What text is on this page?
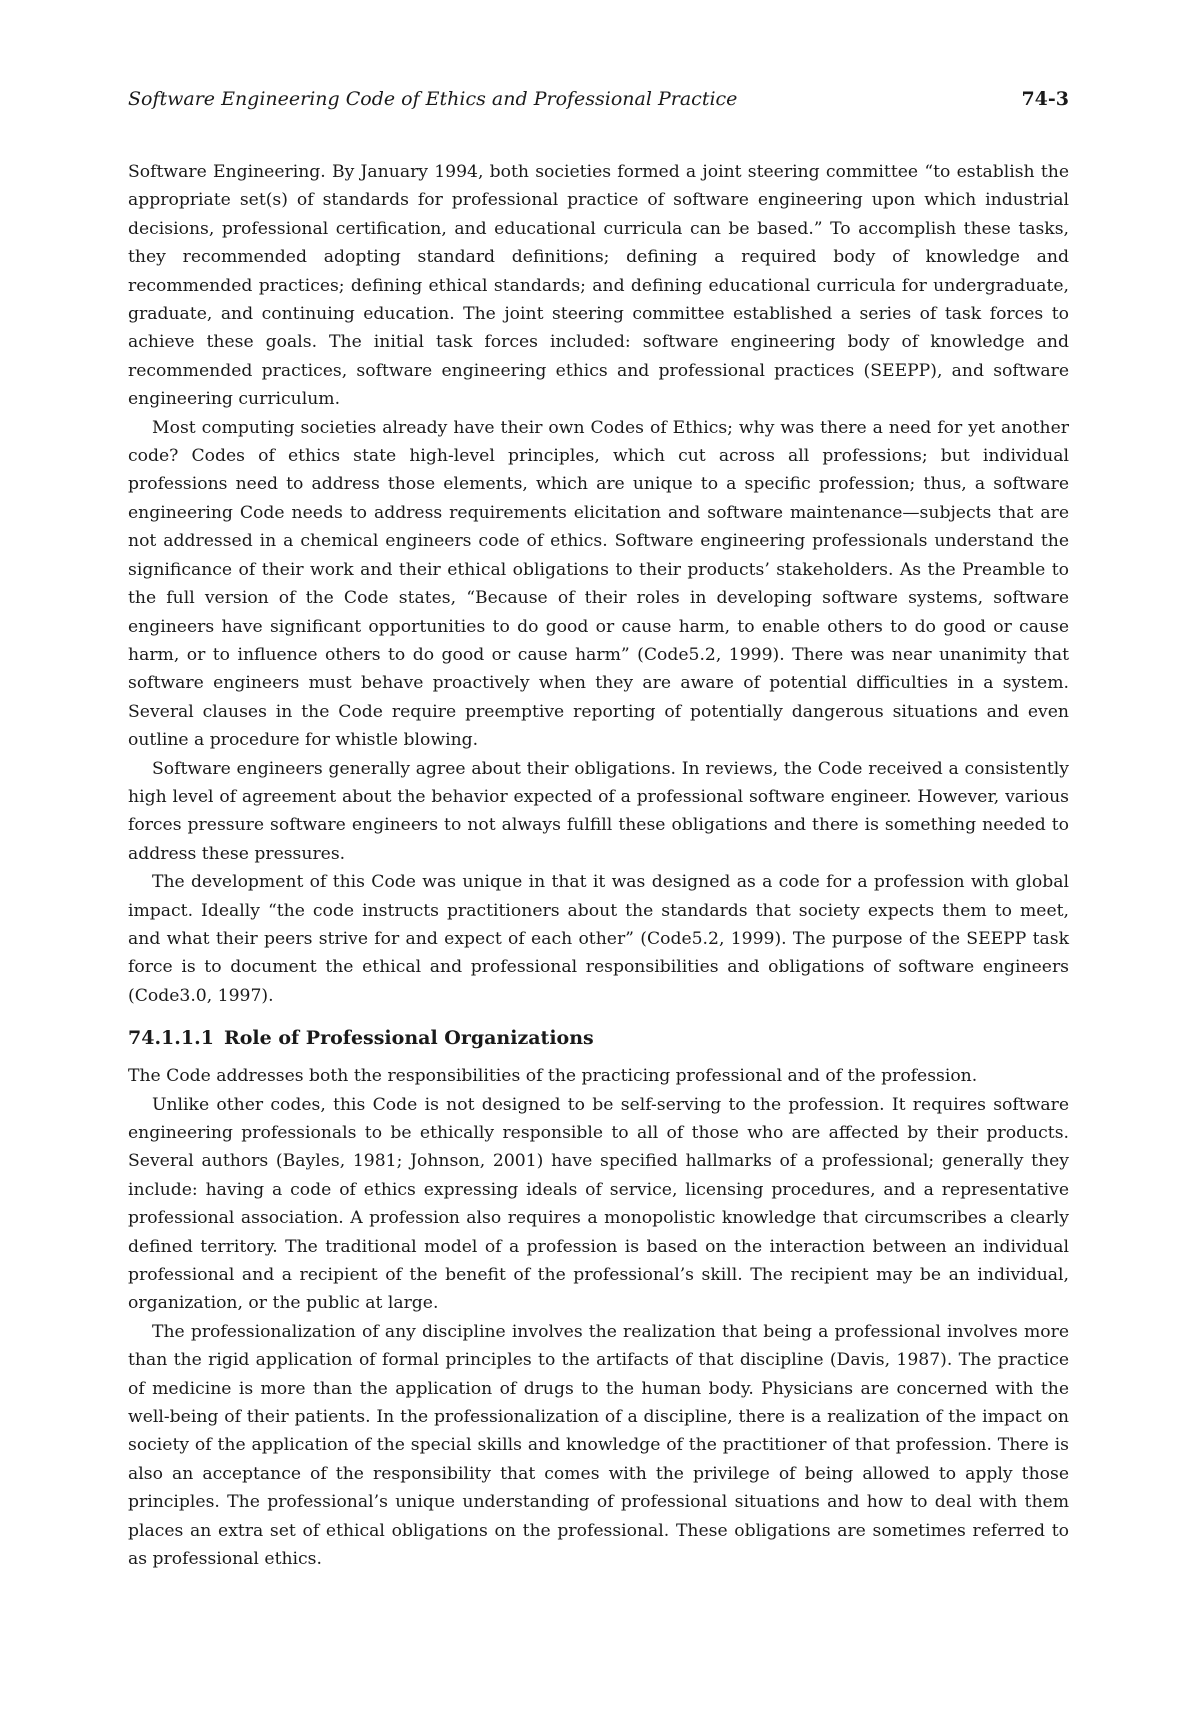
Software Engineering Code of Ethics and Professional Practice	74-3

Software Engineering. By January 1994, both societies formed a joint steering committee “to establish the appropriate set(s) of standards for professional practice of software engineering upon which industrial decisions, professional certification, and educational curricula can be based.” To accomplish these tasks, they recommended adopting standard definitions; defining a required body of knowledge and recommended practices; defining ethical standards; and defining educational curricula for undergraduate, graduate, and continuing education. The joint steering committee established a series of task forces to achieve these goals. The initial task forces included: software engineering body of knowledge and recommended practices, software engineering ethics and professional practices (SEEPP), and software engineering curriculum.

Most computing societies already have their own Codes of Ethics; why was there a need for yet another code? Codes of ethics state high-level principles, which cut across all professions; but individual professions need to address those elements, which are unique to a specific profession; thus, a software engineering Code needs to address requirements elicitation and software maintenance—subjects that are not addressed in a chemical engineers code of ethics. Software engineering professionals understand the significance of their work and their ethical obligations to their products’ stakeholders. As the Preamble to the full version of the Code states, “Because of their roles in developing software systems, software engineers have significant opportunities to do good or cause harm, to enable others to do good or cause harm, or to influence others to do good or cause harm” (Code5.2, 1999). There was near unanimity that software engineers must behave proactively when they are aware of potential difficulties in a system. Several clauses in the Code require preemptive reporting of potentially dangerous situations and even outline a procedure for whistle blowing.

Software engineers generally agree about their obligations. In reviews, the Code received a consistently high level of agreement about the behavior expected of a professional software engineer. However, various forces pressure software engineers to not always fulfill these obligations and there is something needed to address these pressures.

The development of this Code was unique in that it was designed as a code for a profession with global impact. Ideally “the code instructs practitioners about the standards that society expects them to meet, and what their peers strive for and expect of each other” (Code5.2, 1999). The purpose of the SEEPP task force is to document the ethical and professional responsibilities and obligations of software engineers (Code3.0, 1997).

74.1.1.1 Role of Professional Organizations

The Code addresses both the responsibilities of the practicing professional and of the profession.

Unlike other codes, this Code is not designed to be self-serving to the profession. It requires software engineering professionals to be ethically responsible to all of those who are affected by their products. Several authors (Bayles, 1981; Johnson, 2001) have specified hallmarks of a professional; generally they include: having a code of ethics expressing ideals of service, licensing procedures, and a representative professional association. A profession also requires a monopolistic knowledge that circumscribes a clearly defined territory. The traditional model of a profession is based on the interaction between an individual professional and a recipient of the benefit of the professional’s skill. The recipient may be an individual, organization, or the public at large.

The professionalization of any discipline involves the realization that being a professional involves more than the rigid application of formal principles to the artifacts of that discipline (Davis, 1987). The practice of medicine is more than the application of drugs to the human body. Physicians are concerned with the well-being of their patients. In the professionalization of a discipline, there is a realization of the impact on society of the application of the special skills and knowledge of the practitioner of that profession. There is also an acceptance of the responsibility that comes with the privilege of being allowed to apply those principles. The professional’s unique understanding of professional situations and how to deal with them places an extra set of ethical obligations on the professional. These obligations are sometimes referred to as professional ethics.
